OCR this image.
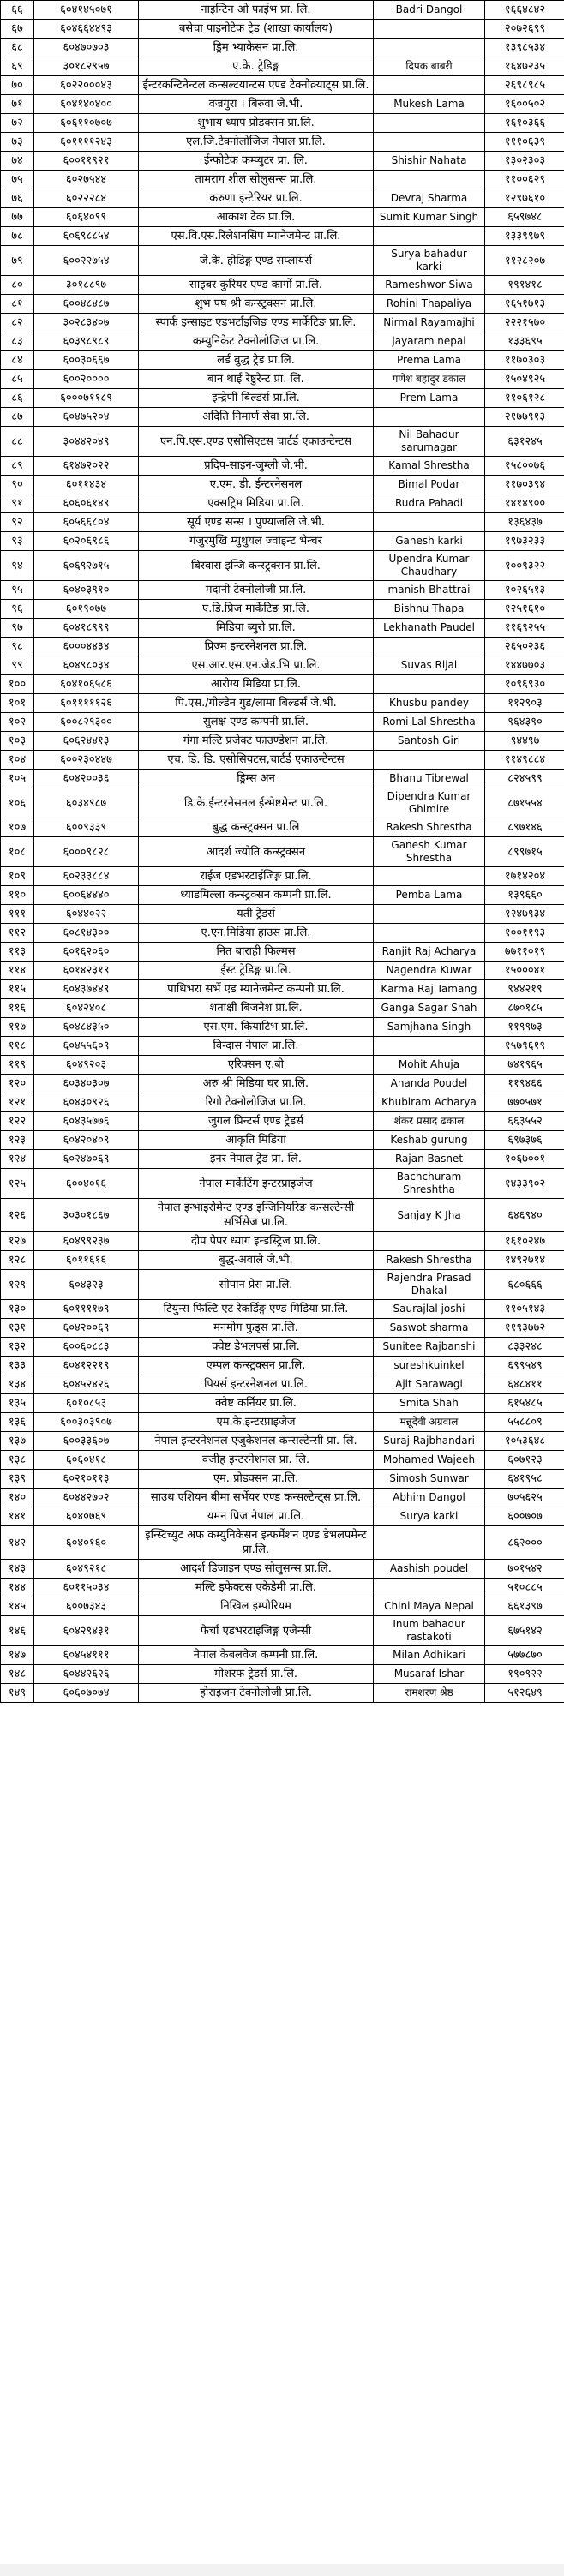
६६	६०४१४५०७१	नाइन्टिन ओ फाईभ प्रा. लि.	Badri Dangol	१६६४८४२
६७	६०४६६४४९३	बसेचा पाइनोटेक ट्रेड (शाखा कार्यालय)		२०७२६९९
६८	६०४७०७०३	ड्रिम भ्याकेसन प्रा.लि.		१३९८५३४
६९	३०१८२९५७	ए.के. ट्रेडिङ्ग	दिपक बाबरी	१६४७२३५
७०	६०२२०००४३	ईन्टरकन्टिनेन्टल कन्सल्टयान्टस एण्ड टेक्नोक्र्याट्स प्रा.लि.		२६९८९८५
७१	६०४१४०४००	वज्रगुरा । बिरुवा जे.भी.	Mukesh Lama	१६००५०२
७२	६०६११०७०७	शुभाय ध्याप प्रोडक्सन प्रा.लि.		१६१०३६६
७३	६०११११२४३	एल.जि.टेक्नोलोजिज नेपाल प्रा.लि.		१११०६३९
७४	६००११९२१	ईन्फोटेक कम्प्युटर प्रा. लि.	Shishir Nahata	१३०२३०३
७५	६०२७५४४	तामराग शील सोलुसन्स प्रा.लि.		११००६२९
७६	६०२२२८४	करुणा इन्टेरियर प्रा.लि.	Devraj Sharma	१२९७६१०
७७	६०६४०९९	आकाश टेक प्रा.लि.	Sumit Kumar Singh	६५९७४८
७८	६०६९८८५४	एस.वि.एस.रिलेशनसिप म्यानेजमेन्ट प्रा.लि.		१३३९९७९
७९	६००२२७५४	जे.के. होडिङ्ग एण्ड सप्लायर्स	Surya bahadur karki	११२८२०७
८०	३०१८८९७	साइबर कुरियर एण्ड कार्गो प्रा.लि.	Rameshwor Siwa	१९१४१८
८१	६००४८४८७	शुभ पष श्री कन्स्ट्रक्सन प्रा.लि.	Rohini Thapaliya	१६५१७१३
८२	३०२८३४०७	स्पार्क इन्साइट एडभर्टाइजिङ एण्ड मार्केटिङ प्रा.लि.	Nirmal Rayamajhi	२२२१५७०
८३	६०३९८९८९	कम्युनिकेट टेक्नोलोजिज प्रा.लि.	jayaram nepal	१३३६९५
८४	६००३०६६७	लर्ड बुद्ध ट्रेड प्रा.लि.	Prema Lama	११७०३०३
८५	६००२००००	बान थाई रेष्टुरेन्ट प्रा. लि.	गणेश बहादुर डकाल	१५०४९२५
८६	६०००७११८९	इन्द्रेणी बिल्डर्स प्रा.लि.	Prem Lama	११०६१२८
८७	६०४७५२०४	अदिति निमार्ण सेवा प्रा.लि.		२१७७९१३
८८	३०४४२०४९	एन.पि.एस.एण्ड एसोसिएटस चार्टर्ड एकाउन्टेन्टस	Nil Bahadur sarumagar	६३१२४५
८९	६१४७२०२२	प्रदिप-साइन-जुम्ली जे.भी.	Kamal Shrestha	१५८००७६
९०	६०११४३४	ए.एम. डी. ईन्टरनेसनल	Bimal Podar	११७०३९४
९१	६०६०६१४९	एक्सट्रिम मिडिया प्रा.लि.	Rudra Pahadi	१४१४९००
९२	६०५६६८०४	सूर्य एण्ड सन्स । पुण्याजलि जे.भी.		१३६४३७
९३	६०२०६९८६	गजुरमुखि म्युथुयल ज्वाइन्ट भेन्चर	Ganesh karki	१९७३२३३
९४	६०६९२७१५	बिस्वास इन्जि कन्स्ट्रक्सन प्रा.लि.	Upendra Kumar Chaudhary	१००९३२२
९५	६०४०३९१०	मदानी टेक्नोलोजी प्रा.लि.	manish Bhattrai	१०२६५१३
९६	६०१९०७७	ए.डि.प्रिज मार्केटिङ प्रा.लि.	Bishnu Thapa	१२५१६१०
९७	६०४१८९९९	मिडिया ब्युरो प्रा.लि.	Lekhanath Paudel	११६९२५५
९८	६०००४४३४	प्रिज्म इन्टरनेशनल प्रा.लि.		२६५०२३६
९९	६०४९८०३४	एस.आर.एस.एन.जेड.भि प्रा.लि.	Suvas Rijal	१४४७७०३
१००	६०४१०६५८६	आरोग्य मिडिया प्रा.लि.		१०९६९३०
१०१	६०१११११२६	पि.एस./गोल्डेन गुड/लामा बिल्डर्स जे.भी.	Khusbu pandey	११२९०३
१०२	६००८२९३००	सुलक्ष एण्ड कम्पनी प्रा.लि.	Romi Lal Shrestha	९६४३९०
१०३	६०६२४४१३	गंगा मल्टि प्रजेक्ट फाउण्डेशन प्रा.लि.	Santosh Giri	९४४९७
१०४	६००२३०४४७	एच. डि. डि. एसोसियटस,चार्टर्ड एकाउन्टेन्टस		११४९८८४
१०५	६०४२००३६	ड्रिम्स अन	Bhanu Tibrewal	८२४५९९
१०६	६०३४९८७	डि.के.ईन्टरनेसनल ईन्भेष्टमेन्ट प्रा.लि.	Dipendra Kumar Ghimire	८७१५५४
१०७	६००९३३९	बुद्ध कन्स्ट्रक्सन प्रा.लि	Rakesh Shrestha	८९७१४६
१०८	६०००९८२८	आदर्श ज्योति कन्स्ट्रक्सन	Ganesh Kumar Shrestha	८९९७१५
१०९	६०२३३८८४	राईज एडभरटाईजिङ्ग प्रा.लि.		१७१४२०४
११०	६००६४४४०	ध्याडमिल्ला कन्स्ट्रक्सन कम्पनी प्रा.लि.	Pemba Lama	१३९६६०
१११	६०४४०२२	यती ट्रेडर्स		१२४७९३४
११२	६०८१४३००	ए.एन.मिडिया हाउस प्रा.लि.		१००११९३
११३	६०१६२०६०	नित बाराही फिल्मस	Ranjit Raj Acharya	७७११०१९
११४	६०१४२३१९	ईस्ट ट्रेडिङ्ग प्रा.लि.	Nagendra Kuwar	१५०००४१
११५	६०४३७४४९	पाथिभरा सर्भे एड म्यानेजमेन्ट कम्पनी प्रा.लि.	Karma Raj Tamang	९४४२१९
११६	६०४२४०८	शताक्षी बिजनेश प्रा.लि.	Ganga Sagar Shah	८७०१८५
११७	६०४८४३५०	एस.एम. कियाटिभ प्रा.लि.	Samjhana Singh	११९९७३
११८	६०४५५६०९	विन्दास नेपाल प्रा.लि.		१५७९६१९
११९	६०४९२०३	एरिक्सन ए.बी	Mohit Ahuja	७४१९६५
१२०	६०३४०३०७	अरु श्री मिडिया घर प्रा.लि.	Ananda Poudel	११९४६६
१२१	६०४३०९२६	रिगो टेक्नोलोजिज प्रा.लि.	Khubiram Acharya	७७०५७१
१२२	६०४३५७७६	जुगल प्रिन्टर्स एण्ड ट्रेडर्स	शंकर प्रसाद ढकाल	६६३५५२
१२३	६०४२०४०९	आकृति मिडिया	Keshab gurung	६९७३७६
१२४	६०२४७०६९	इनर नेपाल ट्रेड प्रा. लि.	Rajan Basnet	१०६७००१
१२५	६००४०१६	नेपाल मार्केटिंग इन्टरप्राइजेज	Bachchuram Shreshtha	१४३३९०२
१२६	३०३०१८६७	नेपाल इन्भाइरोमेन्ट एण्ड इन्जिनियरिङ कन्सल्टेन्सी सर्भिसेज प्रा.लि.	Sanjay K Jha	६४६९४०
१२७	६०४९९२३७	दीप पेपर ध्याग इन्डस्ट्रिज प्रा.लि.		१६१०२४७
१२८	६०११६१६	बुद्ध-अवाले जे.भी.	Rakesh Shrestha	१४९२७१४
१२९	६०४३२३	सोपान प्रेस प्रा.लि.	Rajendra Prasad Dhakal	६८०६६६
१३०	६०११११७९	टियुन्स फिल्टि एट रेकर्डिङ्ग एण्ड मिडिया प्रा.लि.	Saurajlal joshi	११०५१४३
१३१	६०४२००६९	मनमोग फुड्स प्रा.लि.	Saswot sharma	११९३७७२
१३२	६००६०८८३	क्वेष्ट डेभलपर्स प्रा.लि.	Sunitee Rajbanshi	८३३२४८
१३३	६०४१२२१९	एम्पल कन्स्ट्रक्सन प्रा.लि.	sureshkuinkel	६९९५४९
१३४	६०४५२४२६	पियर्स इन्टरनेशनल प्रा.लि.	Ajit Sarawagi	६४८४११
१३५	६०१०८५३	क्वेष्ट कर्नियर प्रा.लि.	Smita Shah	६१५४८५
१३६	६००३०३९०७	एम.के.इन्टरप्राइजेज	मन्नूदेवी अग्रवाल	५५८८०९
१३७	६००३३६०७	नेपाल इन्टरनेशनल एजुकेशनल कन्सल्टेन्सी प्रा. लि.	Suraj Rajbhandari	१०५३६४८
१३८	६०६०४१८	वजीह इन्टरनेशनल प्रा. लि.	Mohamed Wajeeh	६०७१२३
१३९	६०२१०११३	एम. प्रोडक्सन प्रा.लि.	Simosh Sunwar	६४१९५८
१४०	६०४४२७०२	साउथ एशियन बीमा सर्भेयर एण्ड कन्सल्टेन्ट्स प्रा.लि.	Abhim Dangol	७०५६२५
१४१	६०४०७६९	यमन प्रिज नेपाल प्रा.लि.	Surya karki	६००७०७
१४२	६०४०१६०	इन्स्टिच्युट अफ कम्युनिकेसन इन्फर्मेशन एण्ड डेभलपमेन्ट प्रा.लि.		८६२०००
१४३	६०४९२१८	आदर्श डिजाइन एण्ड सोलुसन्स प्रा.लि.	Aashish poudel	७०१५४२
१४४	६०११५०३४	मल्टि इफेक्टस एकेडेमी प्रा.लि.		५१०८८५
१४५	६००७३४३	निखिल इम्पोरियम	Chini Maya Nepal	६६१३९७
१४६	६०४२९४३१	फेर्चा एडभरटाइजिङ्ग एजेन्सी	Inum bahadur rastakoti	६७५१४२
१४७	६०४५४१११	नेपाल केबलवेज कम्पनी प्रा.लि.	Milan Adhikari	५७७८७०
१४८	६०४४२६२६	मोशरफ ट्रेडर्स प्रा.लि.	Musaraf Ishar	१९०९२२
१४९	६०६०७०७४	होराइजन टेक्नोलोजी प्रा.लि.	रामशरण श्रेष्ठ	५१२६४९
